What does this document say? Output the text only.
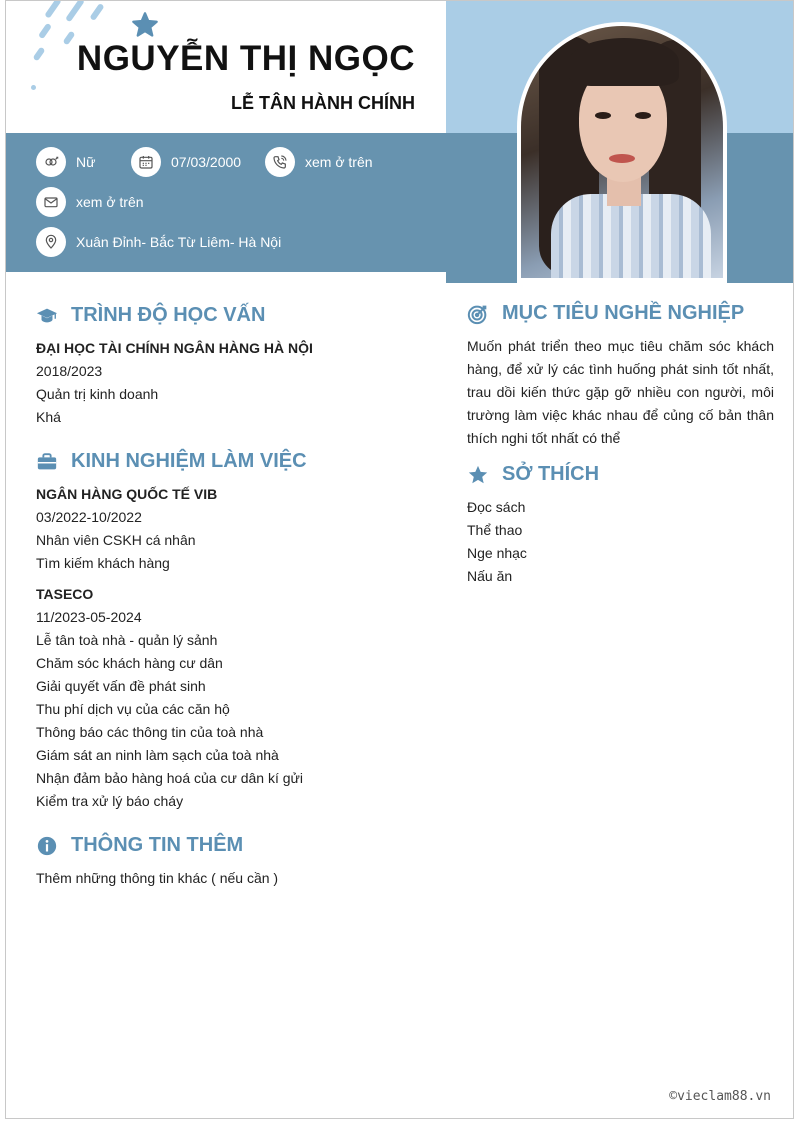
NGUYỄN THỊ NGỌC
LỄ TÂN HÀNH CHÍNH
Nữ	07/03/2000	xem ở trên
xem ở trên
Xuân Đỉnh- Bắc Từ Liêm- Hà Nội
TRÌNH ĐỘ HỌC VẤN
ĐẠI HỌC TÀI CHÍNH NGÂN HÀNG HÀ NỘI
2018/2023
Quản trị kinh doanh
Khá
KINH NGHIỆM LÀM VIỆC
NGÂN HÀNG QUỐC TẾ VIB
03/2022-10/2022
Nhân viên CSKH cá nhân
Tìm kiếm khách hàng
TASECO
11/2023-05-2024
Lễ tân toà nhà - quản lý sảnh
Chăm sóc khách hàng cư dân
Giải quyết vấn đề phát sinh
Thu phí dịch vụ của các căn hộ
Thông báo các thông tin của toà nhà
Giám sát an ninh làm sạch của toà nhà
Nhận đảm bảo hàng hoá của cư dân kí gửi
Kiểm tra xử lý báo cháy
THÔNG TIN THÊM
Thêm những thông tin khác ( nếu cần )
MỤC TIÊU NGHỀ NGHIỆP
Muốn phát triển theo mục tiêu chăm sóc khách hàng, để xử lý các tình huống phát sinh tốt nhất, trau dồi kiến thức gặp gỡ nhiều con người, môi trường làm việc khác nhau để củng cố bản thân thích nghi tốt nhất có thể
SỞ THÍCH
Đọc sách
Thể thao
Nge nhạc
Nấu ăn
©vieclam88.vn
